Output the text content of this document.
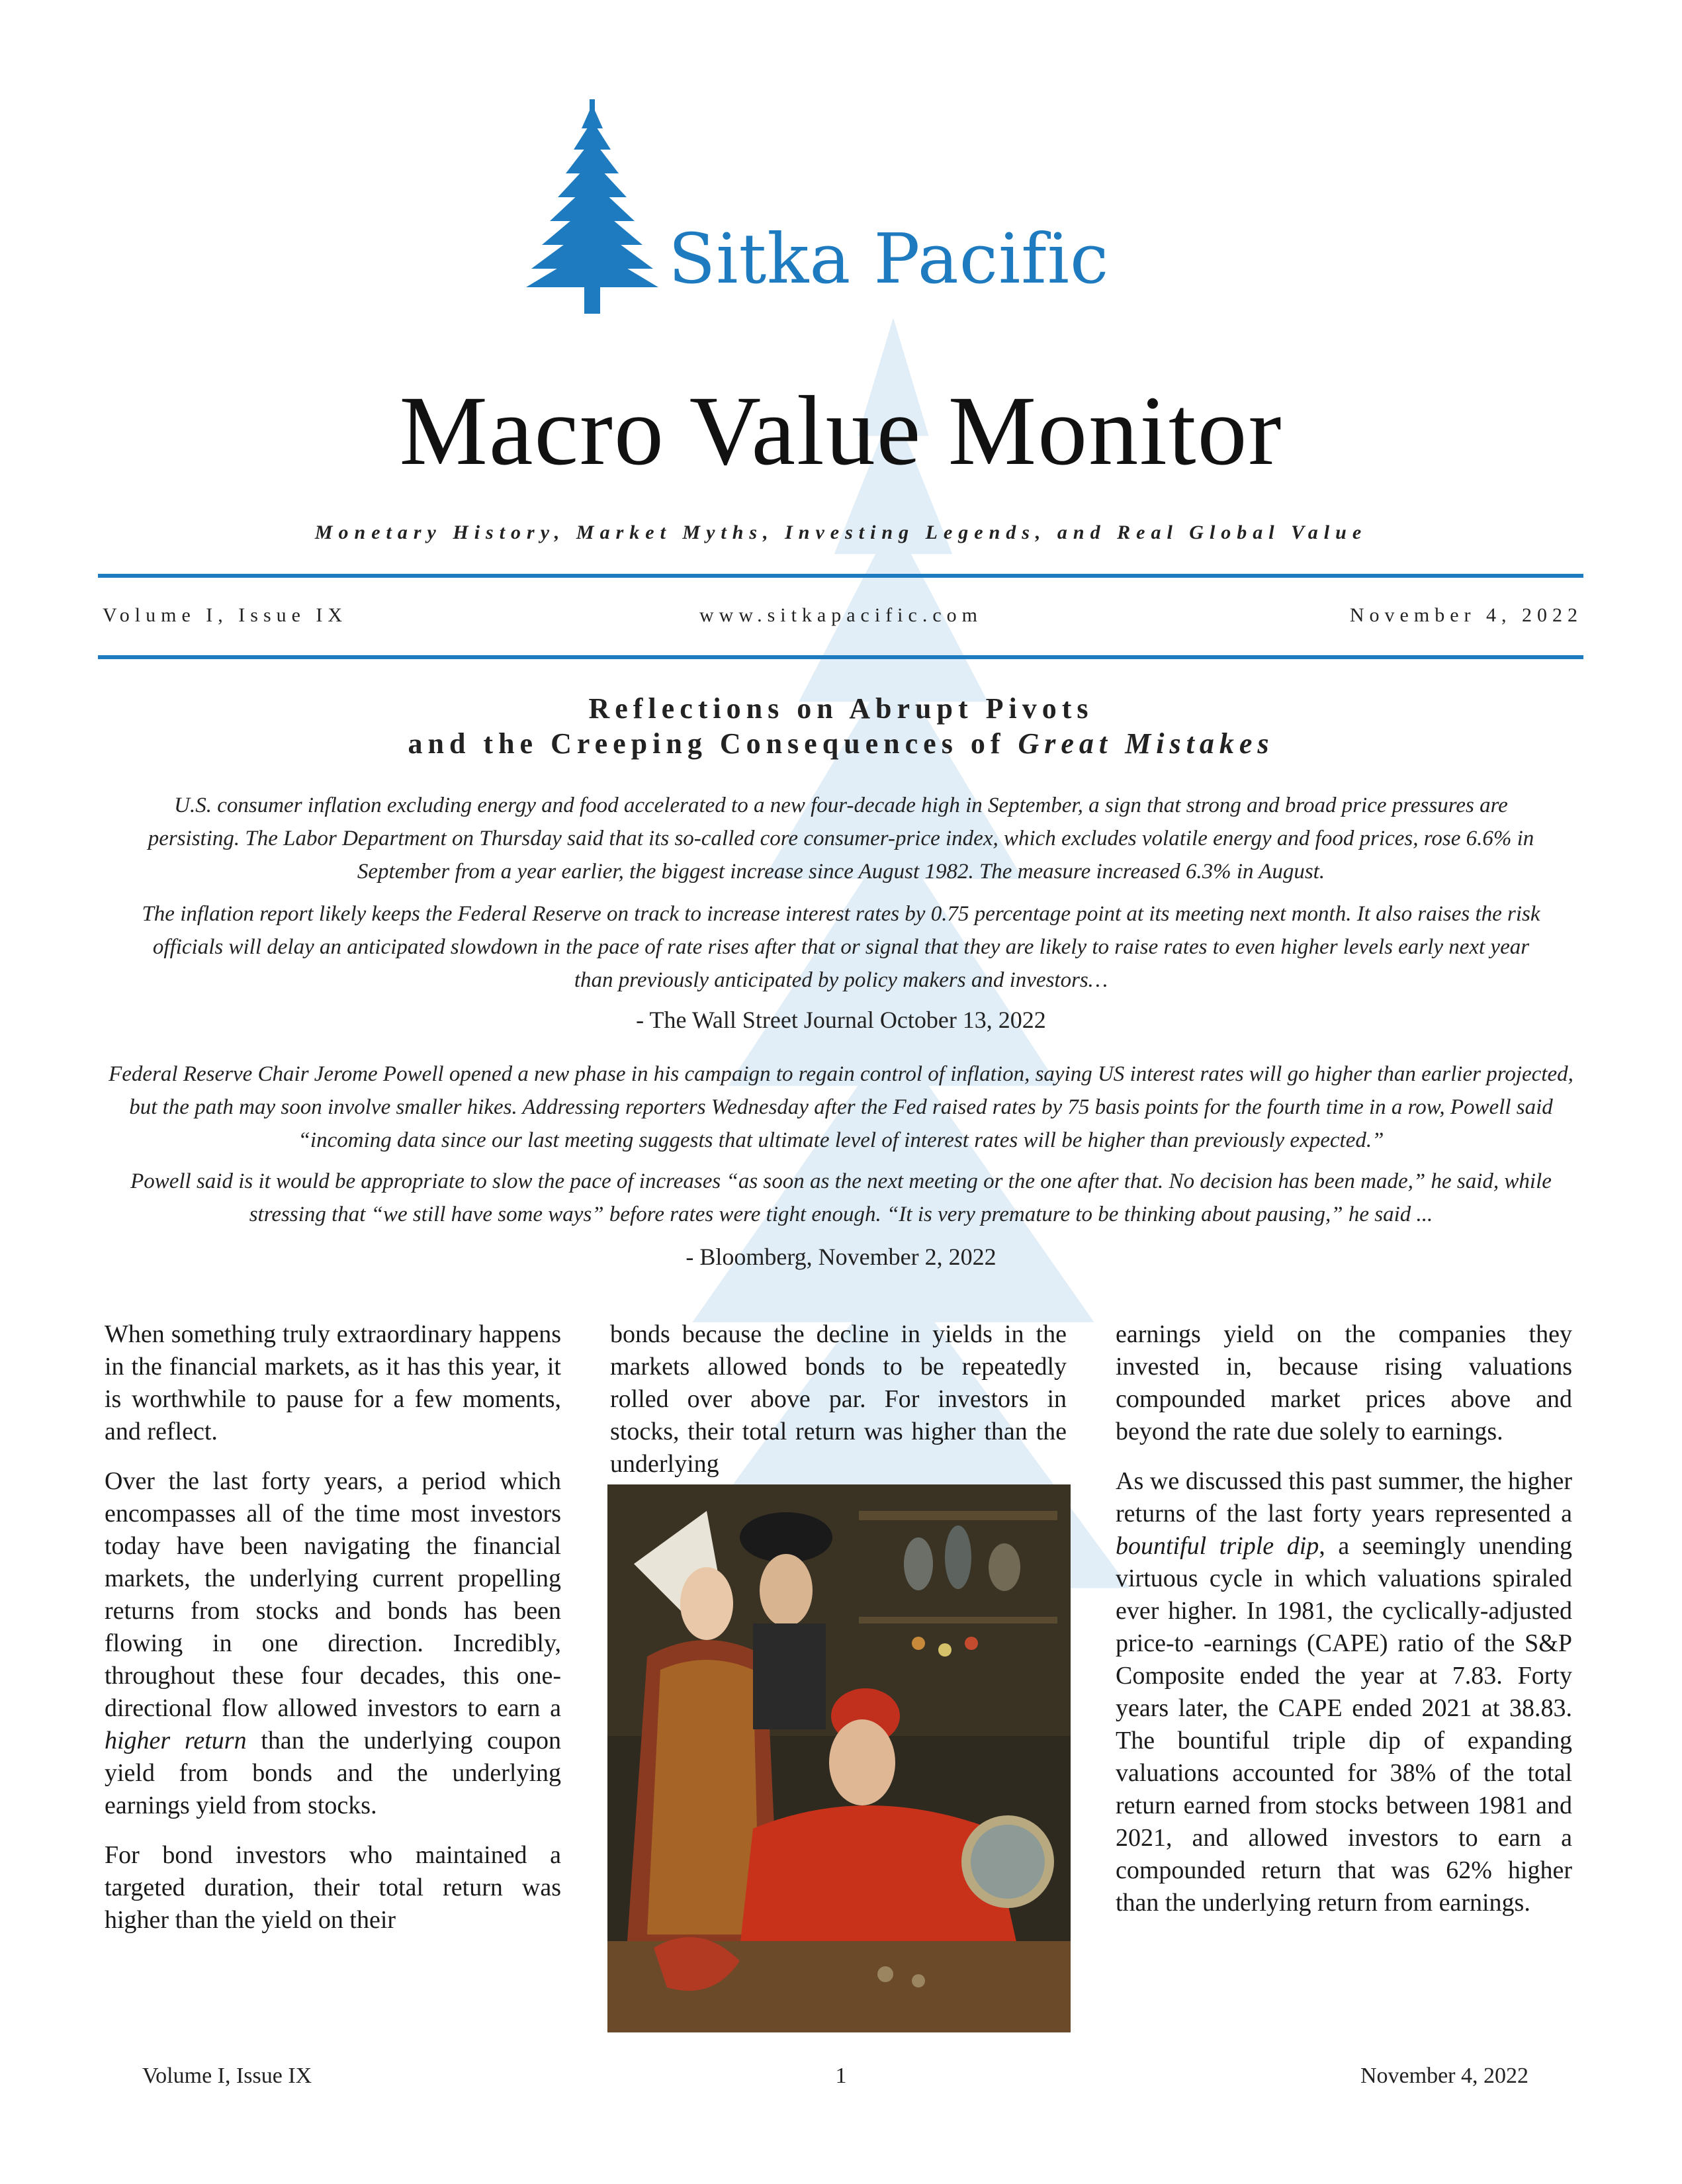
Sitka Pacific
Macro Value Monitor
Monetary History, Market Myths, Investing Legends, and Real Global Value
Volume I, Issue IX	www.sitkapacific.com	November 4, 2022
Reflections on Abrupt Pivots
and the Creeping Consequences of Great Mistakes
U.S. consumer inflation excluding energy and food accelerated to a new four-decade high in September, a sign that strong and broad price pressures are persisting. The Labor Department on Thursday said that its so-called core consumer-price index, which excludes volatile energy and food prices, rose 6.6% in September from a year earlier, the biggest increase since August 1982. The measure increased 6.3% in August.
The inflation report likely keeps the Federal Reserve on track to increase interest rates by 0.75 percentage point at its meeting next month. It also raises the risk officials will delay an anticipated slowdown in the pace of rate rises after that or signal that they are likely to raise rates to even higher levels early next year than previously anticipated by policy makers and investors…
- The Wall Street Journal October 13, 2022
Federal Reserve Chair Jerome Powell opened a new phase in his campaign to regain control of inflation, saying US interest rates will go higher than earlier projected, but the path may soon involve smaller hikes. Addressing reporters Wednesday after the Fed raised rates by 75 basis points for the fourth time in a row, Powell said “incoming data since our last meeting suggests that ultimate level of interest rates will be higher than previously expected.”
Powell said is it would be appropriate to slow the pace of increases “as soon as the next meeting or the one after that. No decision has been made,” he said, while stressing that “we still have some ways” before rates were tight enough. “It is very premature to be thinking about pausing,” he said ...
- Bloomberg, November 2, 2022

When something truly extraordinary happens in the financial markets, as it has this year, it is worthwhile to pause for a few moments, and reflect.

Over the last forty years, a period which encompasses all of the time most investors today have been navigating the financial markets, the underlying current propelling returns from stocks and bonds has been flowing in one direction. Incredibly, throughout these four decades, this one-directional flow allowed investors to earn a higher return than the underlying coupon yield from bonds and the underlying earnings yield from stocks.

For bond investors who maintained a targeted duration, their total return was higher than the yield on their

bonds because the decline in yields in the markets allowed bonds to be repeatedly rolled over above par. For investors in stocks, their total return was higher than the underlying

earnings yield on the companies they invested in, because rising valuations compounded market prices above and beyond the rate due solely to earnings.

As we discussed this past summer, the higher returns of the last forty years represented a bountiful triple dip, a seemingly unending virtuous cycle in which valuations spiraled ever higher. In 1981, the cyclically-adjusted price-to -earnings (CAPE) ratio of the S&P Composite ended the year at 7.83. Forty years later, the CAPE ended 2021 at 38.83. The bountiful triple dip of expanding valuations accounted for 38% of the total return earned from stocks between 1981 and 2021, and allowed investors to earn a compounded return that was 62% higher than the underlying return from earnings.

Volume I, Issue IX	1	November 4, 2022
